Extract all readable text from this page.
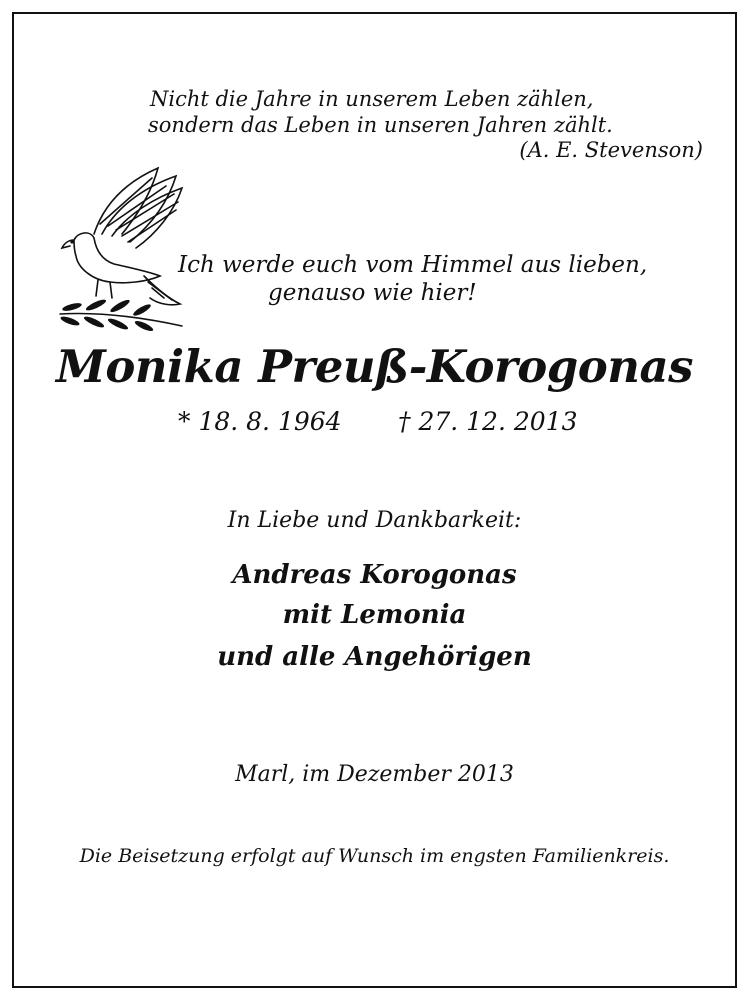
Nicht die Jahre in unserem Leben zählen,

sondern das Leben in unseren Jahren zählt.

(A. E. Stevenson)

Ich werde euch vom Himmel aus lieben,

genauso wie hier!

Monika Preuß-Korogonas

* 18. 8. 1964 † 27. 12. 2013

In Liebe und Dankbarkeit:

Andreas Korogonas

mit Lemonia

und alle Angehörigen

Marl, im Dezember 2013

Die Beisetzung erfolgt auf Wunsch im engsten Familienkreis.
